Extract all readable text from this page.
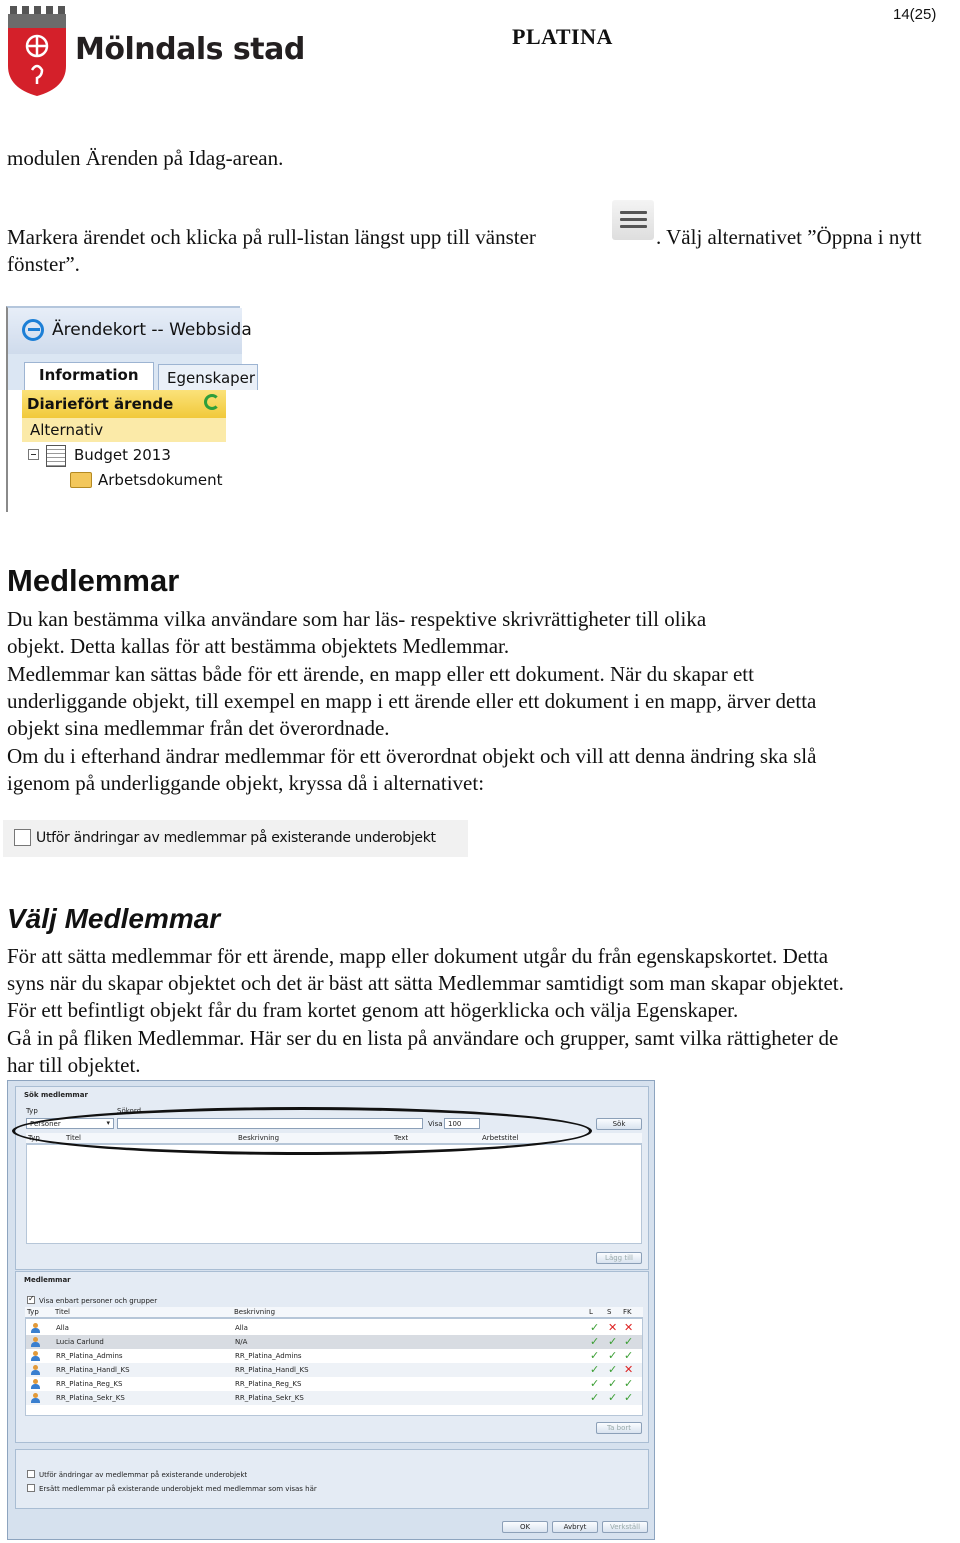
Mölndals stad	PLATINA
14(25)
modulen Ärenden på Idag-arean.
Markera ärendet och klicka på rull-listan längst upp till vänster	. Välj alternativet ”Öppna i nytt
fönster”.
Ärendekort -- Webbsida
Information	Egenskaper
Diariefört ärende
Alternativ
Budget 2013
Arbetsdokument
Medlemmar
Du kan bestämma vilka användare som har läs- respektive skrivrättigheter till olika
objekt. Detta kallas för att bestämma objektets Medlemmar.
Medlemmar kan sättas både för ett ärende, en mapp eller ett dokument. När du skapar ett
underliggande objekt, till exempel en mapp i ett ärende eller ett dokument i en mapp, ärver detta
objekt sina medlemmar från det överordnade.
Om du i efterhand ändrar medlemmar för ett överordnat objekt och vill att denna ändring ska slå
igenom på underliggande objekt, kryssa då i alternativet:
Utför ändringar av medlemmar på existerande underobjekt
Välj Medlemmar
För att sätta medlemmar för ett ärende, mapp eller dokument utgår du från egenskapskortet. Detta
syns när du skapar objektet och det är bäst att sätta Medlemmar samtidigt som man skapar objektet.
För ett befintligt objekt får du fram kortet genom att högerklicka och välja Egenskaper.
Gå in på fliken Medlemmar. Här ser du en lista på användare och grupper, samt vilka rättigheter de
har till objektet.
Sök medlemmar
Typ	Sökord
Personer	▾	Visa 100	Sök
Typ	Titel	Beskrivning	Text	Arbetstitel
Lägg till
Medlemmar
✓
Visa enbart personer och grupper
Typ Titel	Beskrivning	L S FK
Alla	Alla	✓ ✕ ✕
Lucia Carlund	N/A	✓ ✓ ✓
RR_Platina_Admins	RR_Platina_Admins	✓ ✓ ✓
RR_Platina_Handl_KS	RR_Platina_Handl_KS	✓ ✓ ✕
RR_Platina_Reg_KS	RR_Platina_Reg_KS	✓ ✓ ✓
RR_Platina_Sekr_KS	RR_Platina_Sekr_KS	✓ ✓ ✓
Ta bort
Utför ändringar av medlemmar på existerande underobjekt
Ersätt medlemmar på existerande underobjekt med medlemmar som visas här
OK	Avbryt	Verkställ
